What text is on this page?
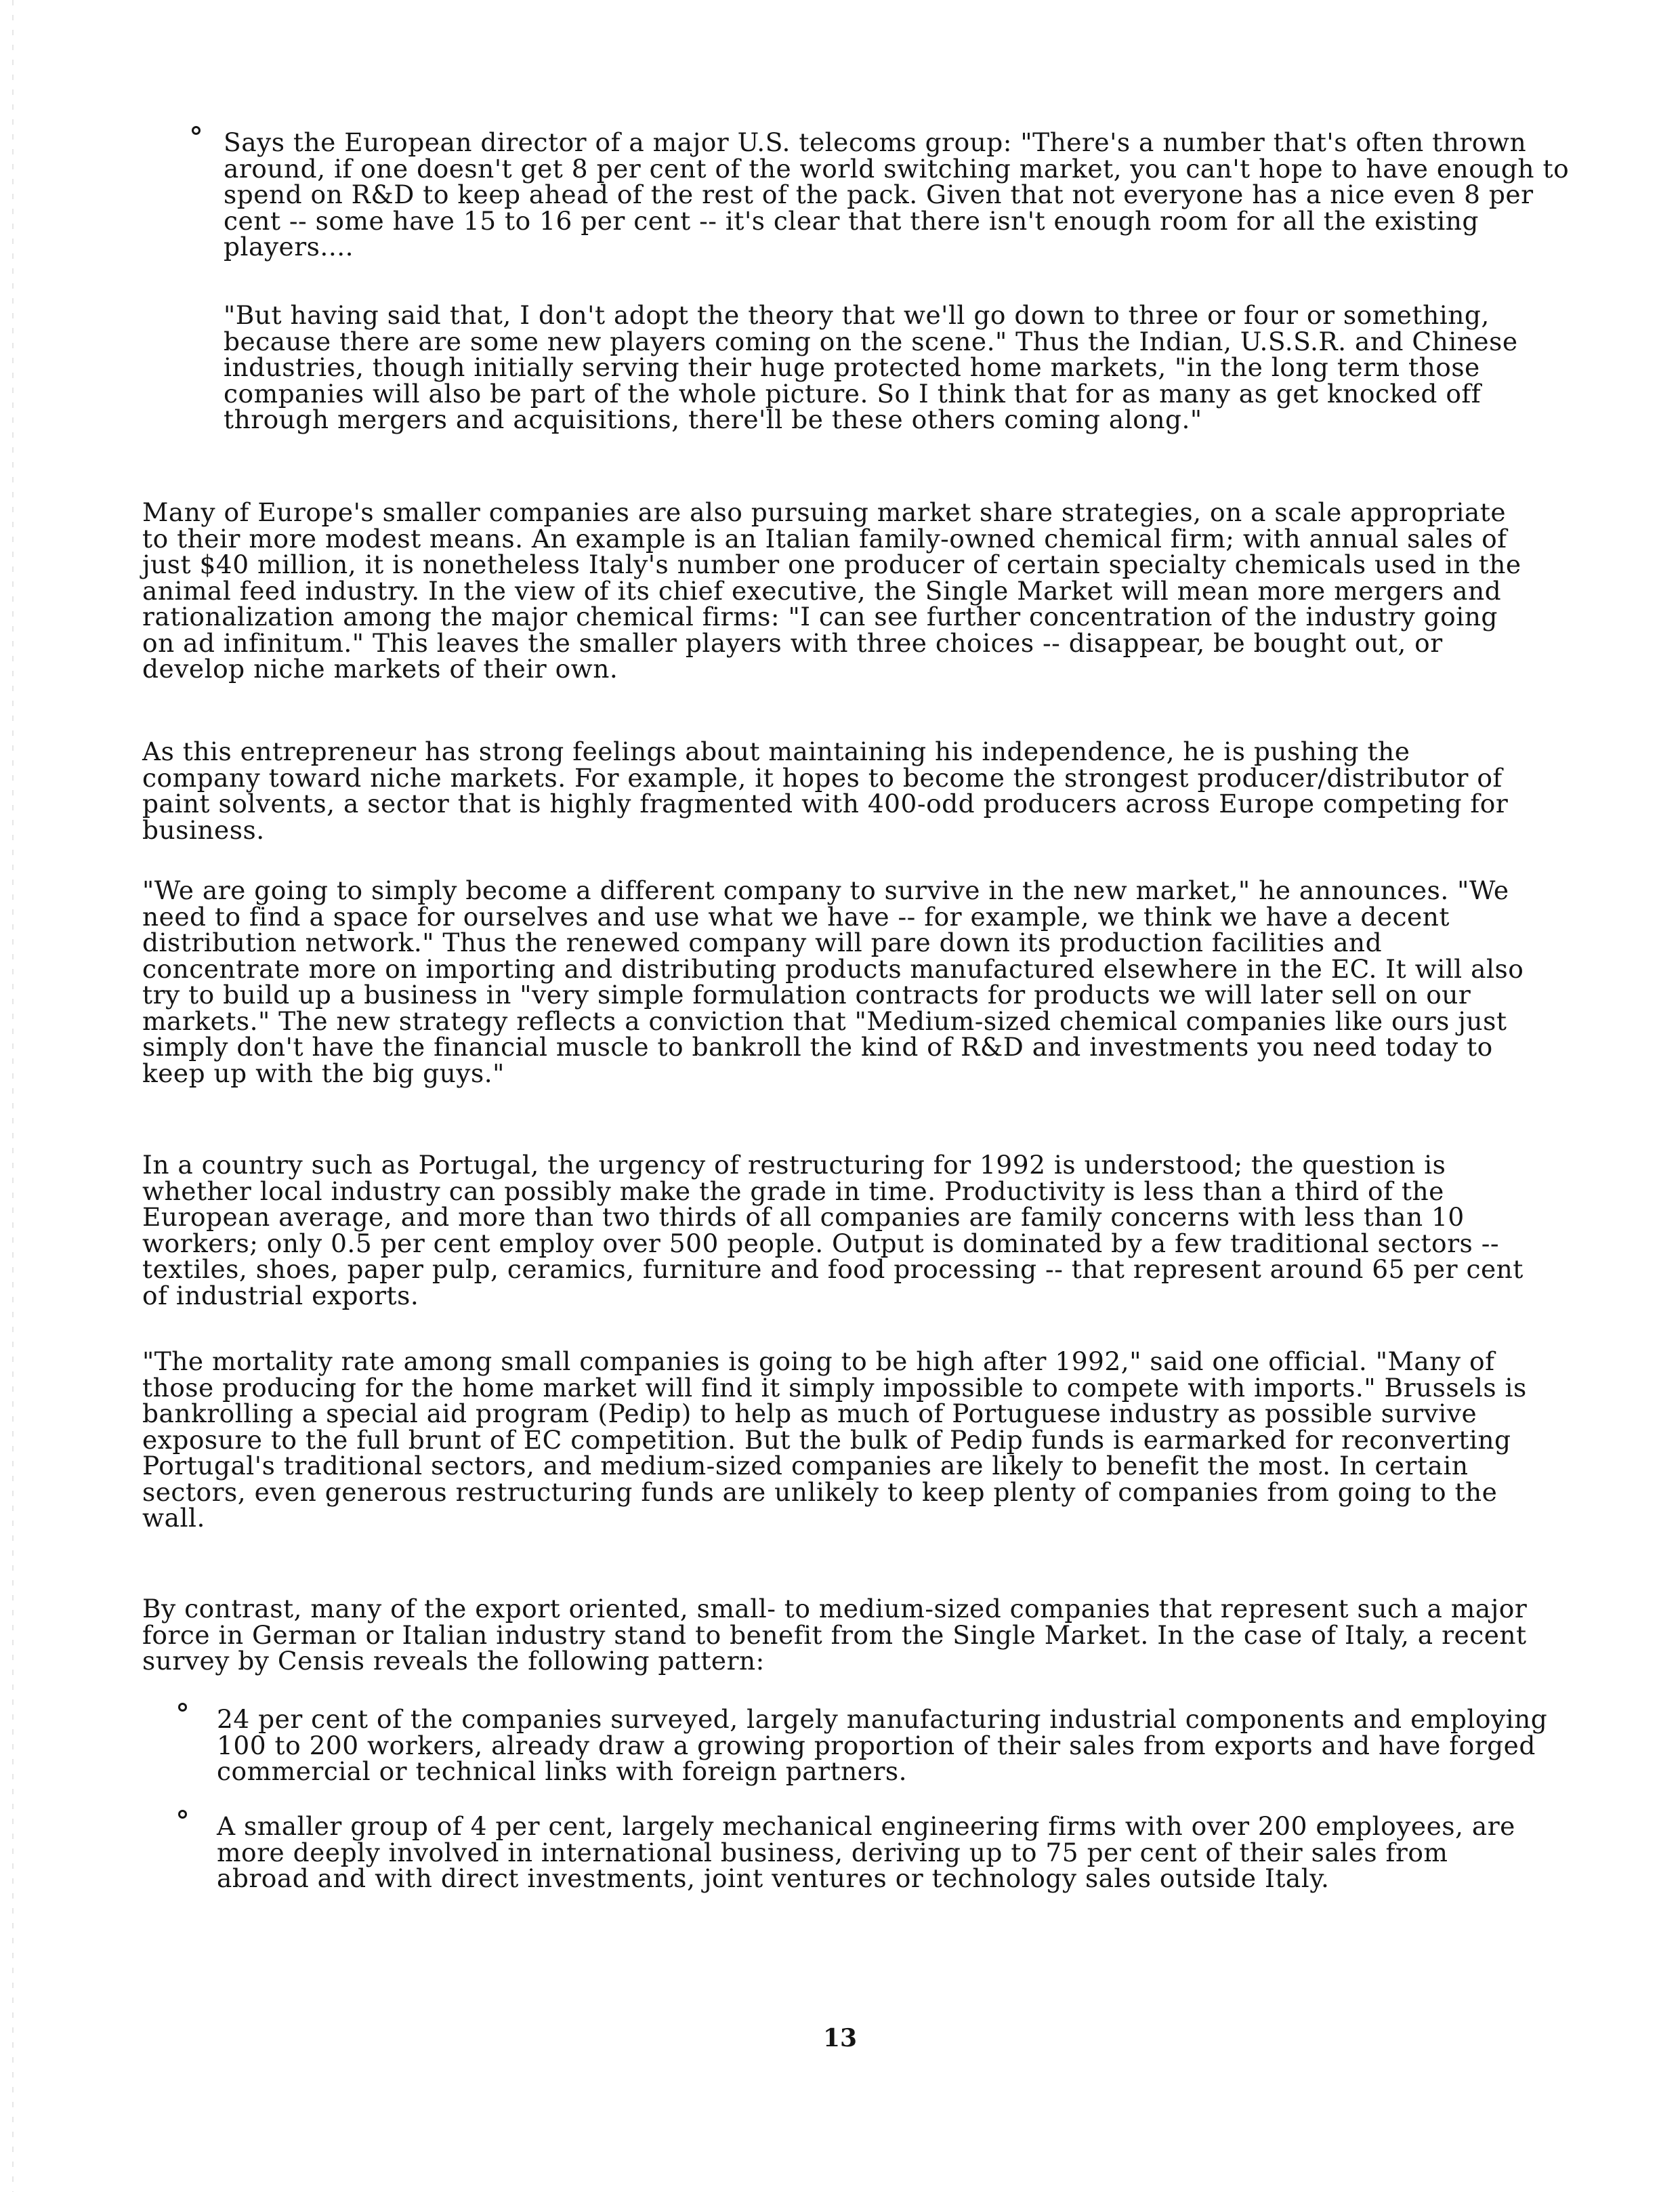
Says the European director of a major U.S. telecoms group: "There's a number that's often thrown around, if one doesn't get 8 per cent of the world switching market, you can't hope to have enough to spend on R&D to keep ahead of the rest of the pack. Given that not everyone has a nice even 8 per cent -- some have 15 to 16 per cent -- it's clear that there isn't enough room for all the existing players....

"But having said that, I don't adopt the theory that we'll go down to three or four or something, because there are some new players coming on the scene." Thus the Indian, U.S.S.R. and Chinese industries, though initially serving their huge protected home markets, "in the long term those companies will also be part of the whole picture. So I think that for as many as get knocked off through mergers and acquisitions, there'll be these others coming along."

Many of Europe's smaller companies are also pursuing market share strategies, on a scale appropriate to their more modest means. An example is an Italian family-owned chemical firm; with annual sales of just $40 million, it is nonetheless Italy's number one producer of certain specialty chemicals used in the animal feed industry. In the view of its chief executive, the Single Market will mean more mergers and rationalization among the major chemical firms: "I can see further concentration of the industry going on ad infinitum." This leaves the smaller players with three choices -- disappear, be bought out, or develop niche markets of their own.

As this entrepreneur has strong feelings about maintaining his independence, he is pushing the company toward niche markets. For example, it hopes to become the strongest producer/distributor of paint solvents, a sector that is highly fragmented with 400-odd producers across Europe competing for business.

"We are going to simply become a different company to survive in the new market," he announces. "We need to find a space for ourselves and use what we have -- for example, we think we have a decent distribution network." Thus the renewed company will pare down its production facilities and concentrate more on importing and distributing products manufactured elsewhere in the EC. It will also try to build up a business in "very simple formulation contracts for products we will later sell on our markets." The new strategy reflects a conviction that "Medium-sized chemical companies like ours just simply don't have the financial muscle to bankroll the kind of R&D and investments you need today to keep up with the big guys."

In a country such as Portugal, the urgency of restructuring for 1992 is understood; the question is whether local industry can possibly make the grade in time. Productivity is less than a third of the European average, and more than two thirds of all companies are family concerns with less than 10 workers; only 0.5 per cent employ over 500 people. Output is dominated by a few traditional sectors -- textiles, shoes, paper pulp, ceramics, furniture and food processing -- that represent around 65 per cent of industrial exports.

"The mortality rate among small companies is going to be high after 1992," said one official. "Many of those producing for the home market will find it simply impossible to compete with imports." Brussels is bankrolling a special aid program (Pedip) to help as much of Portuguese industry as possible survive exposure to the full brunt of EC competition. But the bulk of Pedip funds is earmarked for reconverting Portugal's traditional sectors, and medium-sized companies are likely to benefit the most. In certain sectors, even generous restructuring funds are unlikely to keep plenty of companies from going to the wall.

By contrast, many of the export oriented, small- to medium-sized companies that represent such a major force in German or Italian industry stand to benefit from the Single Market. In the case of Italy, a recent survey by Censis reveals the following pattern:

24 per cent of the companies surveyed, largely manufacturing industrial components and employing 100 to 200 workers, already draw a growing proportion of their sales from exports and have forged commercial or technical links with foreign partners.

A smaller group of 4 per cent, largely mechanical engineering firms with over 200 employees, are more deeply involved in international business, deriving up to 75 per cent of their sales from abroad and with direct investments, joint ventures or technology sales outside Italy.

13
